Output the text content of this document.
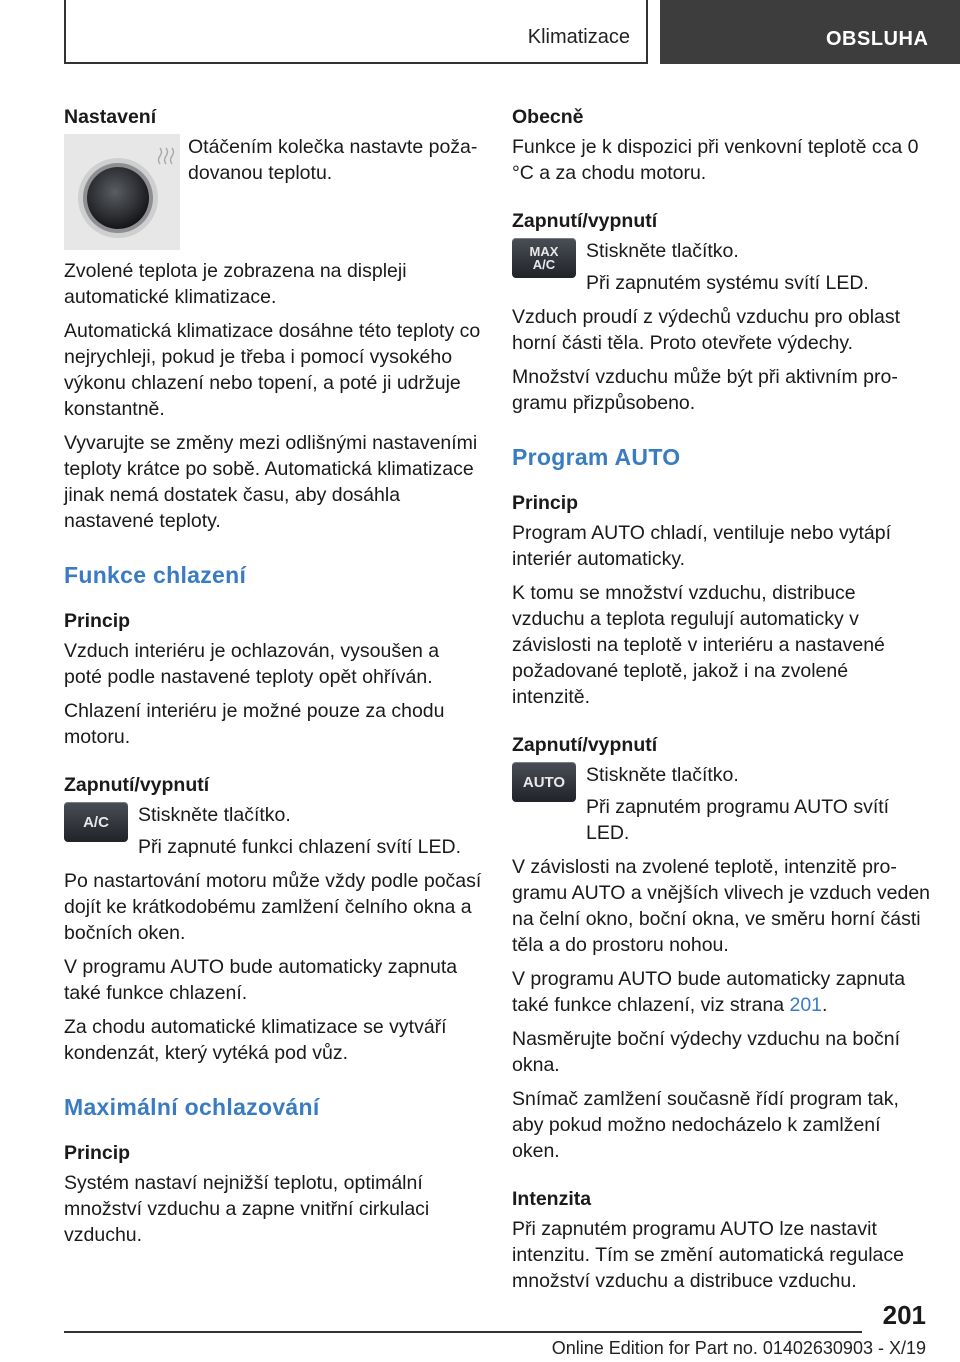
Klimatizace	OBSLUHA
Nastavení

Otáčením kolečka nastavte požadovanou teplotu.

Zvolené teplota je zobrazena na displeji automatické klimatizace.

Automatická klimatizace dosáhne této teploty co nejrychleji, pokud je třeba i pomocí vysokého výkonu chlazení nebo topení, a poté ji udržuje konstantně.

Vyvarujte se změny mezi odlišnými nastaveními teploty krátce po sobě. Automatická klimatizace jinak nemá dostatek času, aby dosáhla nastavené teploty.

Funkce chlazení
Princip

Vzduch interiéru je ochlazován, vysoušen a poté podle nastavené teploty opět ohříván.

Chlazení interiéru je možné pouze za chodu motoru.

Zapnutí/vypnutí
A/C Stiskněte tlačítko.

Při zapnuté funkci chlazení svítí LED.

Po nastartování motoru může vždy podle počasí dojít ke krátkodobému zamlžení čelního okna a bočních oken.

V programu AUTO bude automaticky zapnuta také funkce chlazení.

Za chodu automatické klimatizace se vytváří kondenzát, který vytéká pod vůz.

Maximální ochlazování
Princip

Systém nastaví nejnižší teplotu, optimální množství vzduchu a zapne vnitřní cirkulaci vzduchu.

Obecně

Funkce je k dispozici při venkovní teplotě cca 0 °C a za chodu motoru.

Zapnutí/vypnutí
MAX
A/C

Stiskněte tlačítko.

Při zapnutém systému svítí LED.

Vzduch proudí z výdechů vzduchu pro oblast horní části těla. Proto otevřete výdechy.

Množství vzduchu může být při aktivním programu přizpůsobeno.

Program AUTO
Princip

Program AUTO chladí, ventiluje nebo vytápí interiér automaticky.

K tomu se množství vzduchu, distribuce vzduchu a teplota regulují automaticky v závislosti na teplotě v interiéru a nastavené požadované teplotě, jakož i na zvolené intenzitě.

Zapnutí/vypnutí
AUTO Stiskněte tlačítko.

Při zapnutém programu AUTO svítí LED.

V závislosti na zvolené teplotě, intenzitě programu AUTO a vnějších vlivech je vzduch veden na čelní okno, boční okna, ve směru horní části těla a do prostoru nohou.

V programu AUTO bude automaticky zapnuta také funkce chlazení, viz strana 201.

Nasměrujte boční výdechy vzduchu na boční okna.

Snímač zamlžení současně řídí program tak, aby pokud možno nedocházelo k zamlžení oken.

Intenzita

Při zapnutém programu AUTO lze nastavit intenzitu. Tím se změní automatická regulace množství vzduchu a distribuce vzduchu.

201
Online Edition for Part no. 01402630903 - X/19
